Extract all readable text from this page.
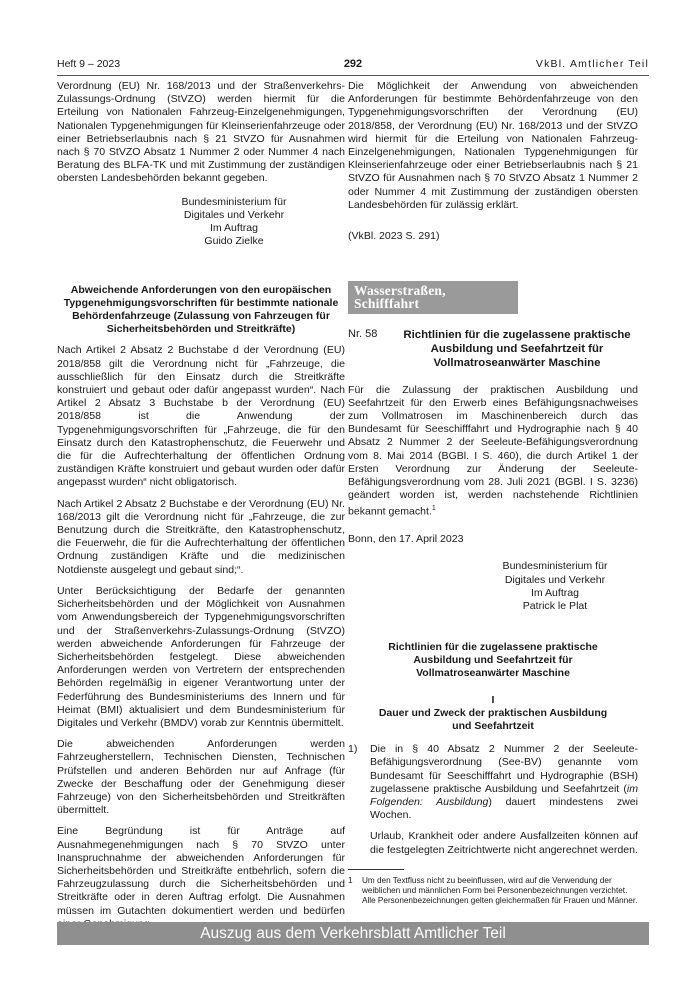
Heft 9 – 2023	292	VkBl. Amtlicher Teil

Verordnung (EU) Nr. 168/2013 und der Straßenverkehrs-Zulassungs-Ordnung (StVZO) werden hiermit für die Erteilung von Nationalen Fahrzeug-Einzelgenehmigungen, Nationalen Typgenehmigungen für Kleinserienfahrzeuge oder einer Betriebserlaubnis nach § 21 StVZO für Ausnahmen nach § 70 StVZO Absatz 1 Nummer 2 oder Nummer 4 nach Beratung des BLFA-TK und mit Zustimmung der zuständigen obersten Landesbehörden bekannt gegeben.

Bundesministerium für
Digitales und Verkehr
Im Auftrag
Guido Zielke
Abweichende Anforderungen von den europäischen Typgenehmigungsvorschriften für bestimmte nationale Behördenfahrzeuge (Zulassung von Fahrzeugen für Sicherheitsbehörden und Streitkräfte)

Nach Artikel 2 Absatz 2 Buchstabe d der Verordnung (EU) 2018/858 gilt die Verordnung nicht für „Fahrzeuge, die ausschließlich für den Einsatz durch die Streitkräfte konstruiert und gebaut oder dafür angepasst wurden“. Nach Artikel 2 Absatz 3 Buchstabe b der Verordnung (EU) 2018/858 ist die Anwendung der Typgenehmigungsvorschriften für „Fahrzeuge, die für den Einsatz durch den Katastrophenschutz, die Feuerwehr und die für die Aufrechterhaltung der öffentlichen Ordnung zuständigen Kräfte konstruiert und gebaut wurden oder dafür angepasst wurden“ nicht obligatorisch.

Nach Artikel 2 Absatz 2 Buchstabe e der Verordnung (EU) Nr. 168/2013 gilt die Verordnung nicht für „Fahrzeuge, die zur Benutzung durch die Streitkräfte, den Katastrophenschutz, die Feuerwehr, die für die Aufrechterhaltung der öffentlichen Ordnung zuständigen Kräfte und die medizinischen Notdienste ausgelegt und gebaut sind;“.

Unter Berücksichtigung der Bedarfe der genannten Sicherheitsbehörden und der Möglichkeit von Ausnahmen vom Anwendungsbereich der Typgenehmigungsvorschriften und der Straßenverkehrs-Zulassungs-Ordnung (StVZO) werden abweichende Anforderungen für Fahrzeuge der Sicherheitsbehörden festgelegt. Diese abweichenden Anforderungen werden von Vertretern der entsprechenden Behörden regelmäßig in eigener Verantwortung unter der Federführung des Bundesministeriums des Innern und für Heimat (BMI) aktualisiert und dem Bundesministerium für Digitales und Verkehr (BMDV) vorab zur Kenntnis übermittelt.

Die abweichenden Anforderungen werden Fahrzeugherstellern, Technischen Diensten, Technischen Prüfstellen und anderen Behörden nur auf Anfrage (für Zwecke der Beschaffung oder der Genehmigung dieser Fahrzeuge) von den Sicherheitsbehörden und Streitkräften übermittelt.

Eine Begründung ist für Anträge auf Ausnahmegenehmigungen nach § 70 StVZO unter Inanspruchnahme der abweichenden Anforderungen für Sicherheitsbehörden und Streitkräfte entbehrlich, sofern die Fahrzeugzulassung durch die Sicherheitsbehörden und Streitkräfte oder in deren Auftrag erfolgt. Die Ausnahmen müssen im Gutachten dokumentiert werden und bedürfen

Die Möglichkeit der Anwendung von abweichenden Anforderungen für bestimmte Behördenfahrzeuge von den Typgenehmigungsvorschriften der Verordnung (EU) 2018/858, der Verordnung (EU) Nr. 168/2013 und der StVZO wird hiermit für die Erteilung von Nationalen Fahrzeug-Einzelgenehmigungen, Nationalen Typgenehmigungen für Kleinserienfahrzeuge oder einer Betriebserlaubnis nach § 21 StVZO für Ausnahmen nach § 70 StVZO Absatz 1 Nummer 2 oder Nummer 4 mit Zustimmung der zuständigen obersten Landesbehörden für zulässig erklärt.

(VkBl. 2023 S. 291)

Wasserstraßen, Schifffahrt
Nr. 58	Richtlinien für die zugelassene praktische Ausbildung und Seefahrtzeit für Vollmatroseanwärter Maschine

Für die Zulassung der praktischen Ausbildung und Seefahrtzeit für den Erwerb eines Befähigungsnachweises zum Vollmatrosen im Maschinenbereich durch das Bundesamt für Seeschifffahrt und Hydrographie nach § 40 Absatz 2 Nummer 2 der Seeleute-Befähigungsverordnung vom 8. Mai 2014 (BGBl. I S. 460), die durch Artikel 1 der Ersten Verordnung zur Änderung der Seeleute-Befähigungsverordnung vom 28. Juli 2021 (BGBl. I S. 3236) geändert worden ist, werden nachstehende Richtlinien bekannt gemacht.$^1$

Bonn, den 17. April 2023

Bundesministerium für
Digitales und Verkehr
Im Auftrag
Patrick le Plat
Richtlinien für die zugelassene praktische Ausbildung und Seefahrtzeit für Vollmatroseanwärter Maschine
I
Dauer und Zweck der praktischen Ausbildung und Seefahrtzeit
1)	Die in § 40 Absatz 2 Nummer 2 der Seeleute-Befähigungsverordnung (See-BV) genannte vom Bundesamt für Seeschifffahrt und Hydrographie (BSH) zugelassene praktische Ausbildung und Seefahrtzeit (im Folgenden: Ausbildung) dauert mindestens zwei Wochen.

Urlaub, Krankheit oder andere Ausfallzeiten können auf die festgelegten Zeitrichtwerte nicht angerechnet werden.

1	Um den Textfluss nicht zu beeinflussen, wird auf die Verwendung der weiblichen und männlichen Form bei Personenbezeichnungen verzichtet. Alle Personenbezeichnungen gelten gleichermaßen für Frauen und Männer.
Auszug aus dem Verkehrsblatt Amtlicher Teil
